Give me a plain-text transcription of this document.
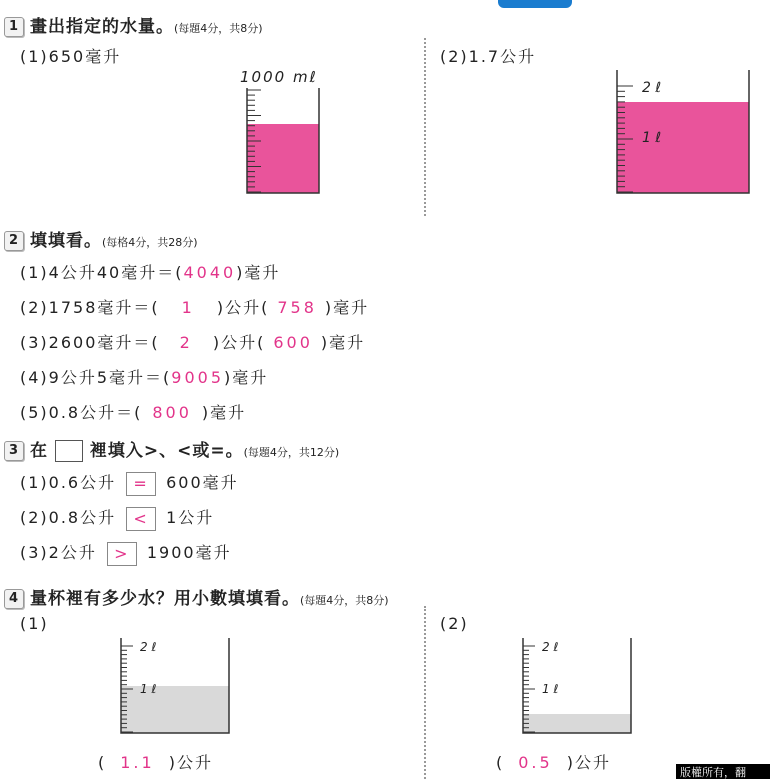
1 畫出指定的水量。(每題4分，共8分)
(1)650毫升
1000 mℓ
(2)1.7公升
2 ℓ
1 ℓ
2 填填看。(每格4分，共28分)
(1)4公升40毫升＝(4040)毫升
(2)1758毫升＝( 1 )公升( 758 )毫升
(3)2600毫升＝( 2 )公升( 600 )毫升
(4)9公升5毫升＝(9005)毫升
(5)0.8公升＝( 800 )毫升
3 在 裡填入>、<或=。(每題4分，共12分)
(1)0.6公升 = 600毫升
(2)0.8公升 < 1公升
(3)2公升 > 1900毫升
4 量杯裡有多少水？用小數填填看。(每題4分，共8分)
(1)
2 ℓ
1 ℓ
( 1.1 )公升
(2)
2 ℓ
1 ℓ
( 0.5 )公升
版權所有，翻
